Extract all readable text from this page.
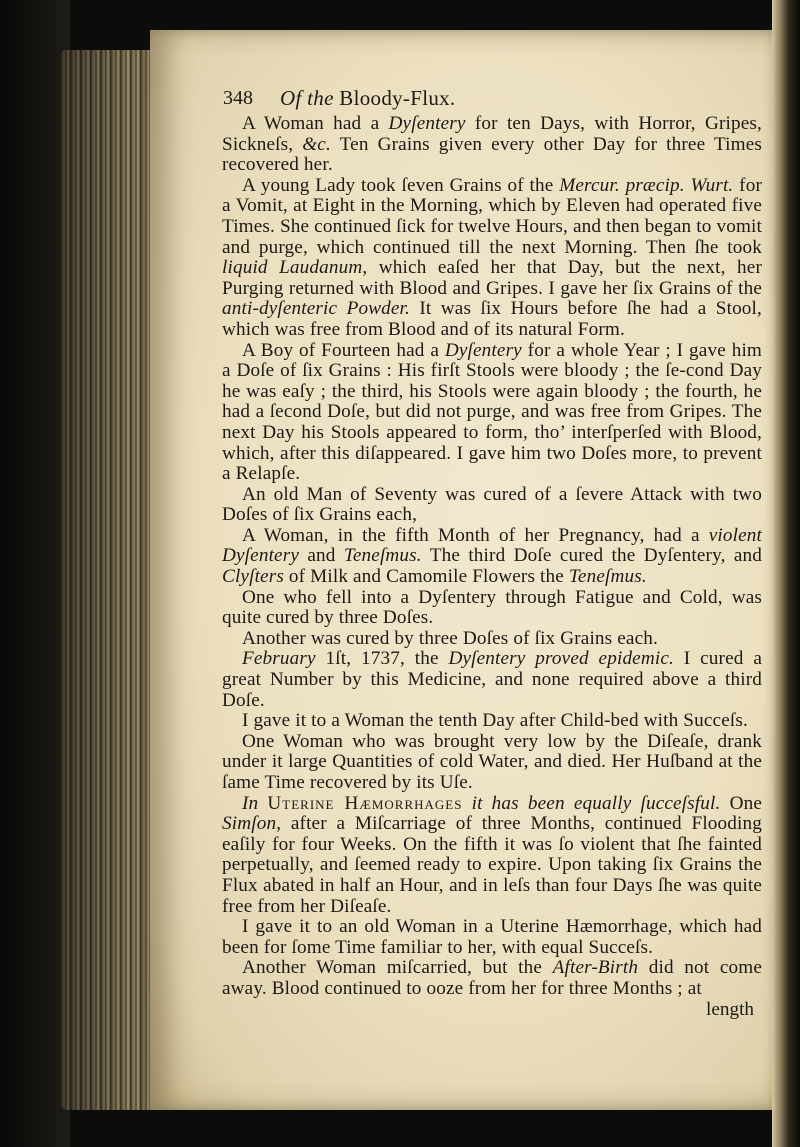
348 Of the Bloody-Flux.

A Woman had a Dyſentery for ten Days, with Horror, Gripes, Sickneſs, &c. Ten Grains given every other Day for three Times recovered her.

A young Lady took ſeven Grains of the Mercur. præcip. Wurt. for a Vomit, at Eight in the Morning, which by Eleven had operated five Times. She continued ſick for twelve Hours, and then began to vomit and purge, which continued till the next Morning. Then ſhe took liquid Laudanum, which eaſed her that Day, but the next, her Purging returned with Blood and Gripes. I gave her ſix Grains of the anti-dyſenteric Powder. It was ſix Hours before ſhe had a Stool, which was free from Blood and of its natural Form.

A Boy of Fourteen had a Dyſentery for a whole Year ; I gave him a Doſe of ſix Grains : His firſt Stools were bloody ; the ſe-cond Day he was eaſy ; the third, his Stools were again bloody ; the fourth, he had a ſecond Doſe, but did not purge, and was free from Gripes. The next Day his Stools appeared to form, tho’ interſperſed with Blood, which, after this diſappeared. I gave him two Doſes more, to prevent a Relapſe.

An old Man of Seventy was cured of a ſevere Attack with two Doſes of ſix Grains each,

A Woman, in the fifth Month of her Pregnancy, had a violent Dyſentery and Teneſmus. The third Doſe cured the Dyſentery, and Clyſters of Milk and Camomile Flowers the Teneſmus.

One who fell into a Dyſentery through Fatigue and Cold, was quite cured by three Doſes.

Another was cured by three Doſes of ſix Grains each.

February 1ſt, 1737, the Dyſentery proved epidemic. I cured a great Number by this Medicine, and none required above a third Doſe.

I gave it to a Woman the tenth Day after Child-bed with Succeſs.

One Woman who was brought very low by the Diſeaſe, drank under it large Quantities of cold Water, and died. Her Huſband at the ſame Time recovered by its Uſe.

In Uterine Hæmorrhages it has been equally ſucceſsful. One Simſon, after a Miſcarriage of three Months, continued Flooding eaſily for four Weeks. On the fifth it was ſo violent that ſhe fainted perpetually, and ſeemed ready to expire. Upon taking ſix Grains the Flux abated in half an Hour, and in leſs than four Days ſhe was quite free from her Diſeaſe.

I gave it to an old Woman in a Uterine Hæmorrhage, which had been for ſome Time familiar to her, with equal Succeſs.

Another Woman miſcarried, but the After-Birth did not come away. Blood continued to ooze from her for three Months ; at

length
